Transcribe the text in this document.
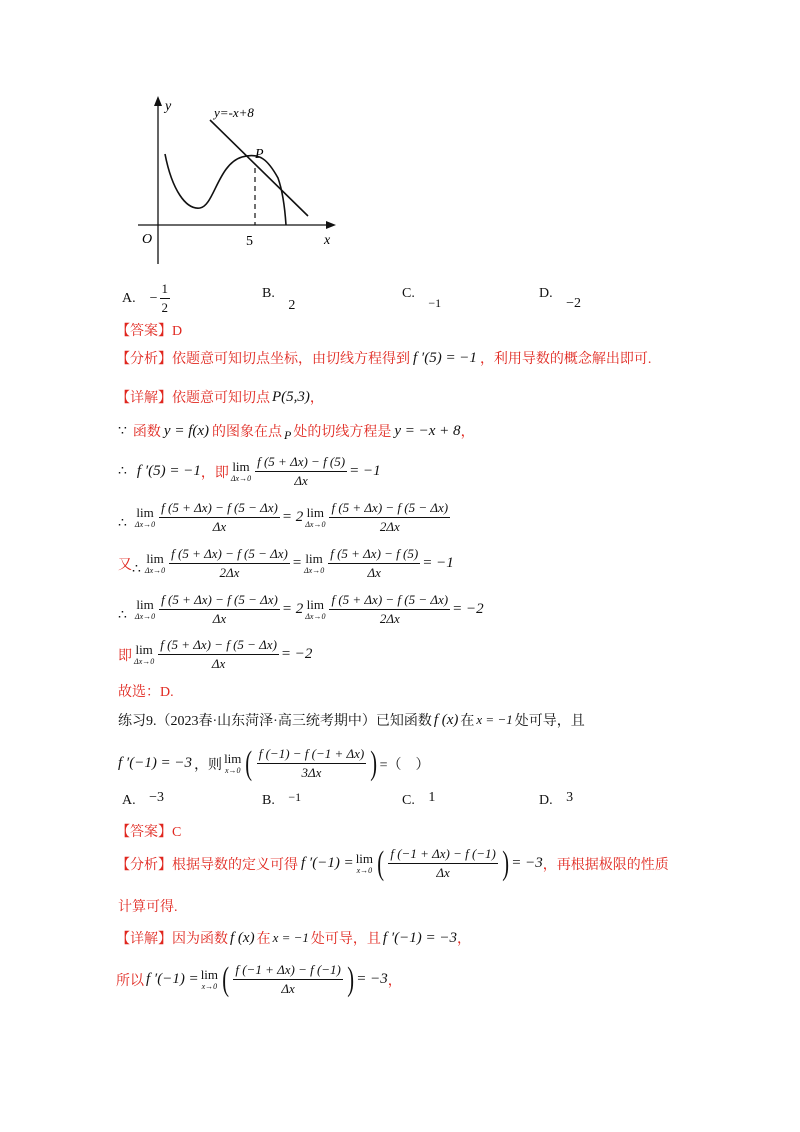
y
x
O	5
P
y=-x+8
A. − $\frac{1}{2}$	B. 2
C. −1
D. −2
【答案】D
【分析】 依题意可知切点坐标，由切线方程得到 f ′(5) = −1 ，利用导数的概念解出即可.
【详解】 依题意可知切点 P(5,3) ，
∵ 函数 y = f(x) 的图象在点 P 处的切线方程是 y = −x + 8 ，
∴ f ′(5) = −1 ，即 lim
$\Delta x\to 0 \frac{f (5 + \Delta x) - f (5)}{\Delta x} = -1$
∴
lim
$\Delta x\to 0 \frac{f (5 + \Delta x) - f (5 - \Delta x)}{\Delta x} = 2$ lim
$\Delta x\to 0 \frac{f (5 + \Delta x) - f (5 - \Delta x)}{2\Delta x}$
又 ∴
lim
$\Delta x\to 0 \frac{f (5 + \Delta x) - f (5 - \Delta x)}{2\Delta x} = \lim$
$\Delta x\to 0 \frac{f (5 + \Delta x) - f (5)}{\Delta x} = -1$
∴
lim
$\Delta x\to 0 \frac{f (5 + \Delta x) - f (5 - \Delta x)}{\Delta x} = 2$ lim
$\Delta x\to 0 \frac{f (5 + \Delta x) - f (5 - \Delta x)}{2\Delta x} = -2$
即 lim
$\Delta x\to 0 \frac{f (5 + \Delta x) - f (5 - \Delta x)}{\Delta x} = -2$
故选：D.
练习9.（2023春·山东菏泽·高三统考期中）已知函数 f (x) 在 x = −1 处可导，且
f ′(−1) = −3 ，则 lim
x→0 ( $\frac{f (-1) - f (-1 + \Delta x)}{3\Delta x}$ ) =（　）
A. −3	B. −1	C. 1	D. 3
【答案】C
【分析】 根据导数的定义可得 f ′(−1) = lim
x→0 ( $\frac{f (-1 + \Delta x) - f (-1)}{\Delta x}$ ) = −3 ，再根据极限的性质
计算可得.
【详解】 因为函数 f (x) 在 x = −1 处可导，且 f ′(−1) = −3 ，
所以 f ′(−1) = lim
x→0 ( $\frac{f (-1 + \Delta x) - f (-1)}{\Delta x}$ ) = −3 ，
